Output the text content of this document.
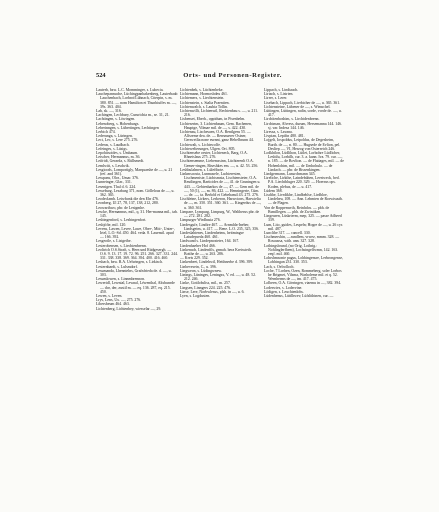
524	Orts- und Personen-Register.

Lauterb, bzw. L.C. Momminger, s. Lubecia.

Lauchepannuche, Lüchingpanbakenberg, Lauterbaab Lauchenbach, Lorbrot/Lühnach, Citerpin, s. m. 380. 851. — nom Hamilton et Thunbiuffes m. —, 39s. 363. 404.

Lab, sk. —, 316.

Lachingen, Lechbury, Cururichia m., se. 31, 21.

Lachtingen, s. Löwingen.

Lebenoberg, s. Hohenburgs.

Leberinngen, s. Lübertingen, Lechtingen

Lerbich 474.

Lederunga, s. Lüringen.

Lect, Lec, s. Lere 275. 276.

Lederas, s. Laudbach.

Lefeinges, s. Lüsigs.

Lepohitsoides, s. Umbaum.

Leischer, Hermannus, m. 36.

Leifridt, Gerarda, s. Rüllsmedt.

Lemlwitt, s. Lesdwik.

Lesgioods, Lomportigly, Marquarshe de —, u. 21 (ref. and 361).

Lesspans, Olor., Umar. 376.

Lunneinger, Glar., 331.

Lesenigen. Thal d. 6. 224.

Lesseburg, Lesaburg 371, nom. Göllelous de —, u. 362. 365.

Leodeclamb. Leiwbonk die den Ehr 476.

Leonberg, Ul 27, 78, 137, 138, 212, 280.

Leowarthwo, pbr. de Lesigmhe.

Lescke, Hermannus, mil., q. 31. Her-manna mil., tab. 145.

Lesbingenford, s. Lesbingenfort.

Lesbjöfte, mil. 120.

Levens, Lawen, Levee, Lawe, Ober-, Mitt-, Unter-, Irtel, L.O.-Sd. 450. 464. veda. 8. Lauenstl. apud — 166. 392.

Lesgeotle, s. Listgeibe.

Lesterobensen, s. Liechtenbrenn.

Leoltrich O.S.Straft, s. Hern und Rüdgesergh. — O.S. 9. 13. 17. 19. 72. 96. 251. 266. 327. 331. 244. 331. 338. 338. 369. 364. 394. 400. 416. 460.

Lesbach, bzw. B.A. Uelsringen, s. Lirkisch.

Lesternbardt, s. Lulsmdorf.

Lesumanda, Lhenntelns, Grafnfrieda de. d. —, u. 303.

Lesumlowen, s. Linnmbrennon.

Leweridl, Lewnial, Lewnal, Léwenthal, Altsbunrde — dor, der, zustil m. — eq. 136. 287, eq. 215. 450.

Lewen, s. Leven.

Lrys, Lens, Ux. —, 275. 276.

Libersbeum 464. 463.

Lichtenberg, Lichtenbey, wiesselar —, 29.

Lichtenbek, s. Lüchtenbeke.

Lichtemann, Hormosbdeu 461.

Lichtemers, s. Liechtenstein.

Lichtenstein, s. Stalia Praentien.

Lichtenwalch, s. Laubia Tollin.

Lichtenwillt, Lichtenwil, Rechtenbau s. —, u. 211. 216.

Lisbenset, Eberh., oppidum, in Pisenbelm.

Lichteserim, 3. Lichtenbaum, Gem. Rachenen, Hauptge, Vilmae mil. de —, s. 422. 430.

Lichtenau, Lischesaen, O.A. Rentlgens 55. — Alfsreme dea. de. — Rensnuerer Osiner, Gerrweilia none eurnnt, ganz Hebelbrunn 44.

Lichtewalt, s. Lichtrwolfe.

Lichtewelterunges, Ulgen. Ort. 805.

Lischtensebe oester, Lichteneck, Barg, O.A. Rhneislaus 275. 276.

Lischtensemme, Liebemssinn, Lüchterenlt O.A. Gemer-ringen, Biseshkes em. —, u. 42. 53. 256.

Leshbulalmen, s. Lüleftbote.

Linkmsoosta, Lunmasele, Lachteresten, Lischmeniste, Lüchtsmsta, Lischtensteter, O.A. Reutlingen, Barticides de —, 41. de Gruningen u. 443. — Gebtenbarkos de —, 47. — Gem mil. de —, 50 (1), —, m. 86, 422. — Henningerie, Cüm. — de. —, ta. Berlold et Gebeham4 43. 275. 276.

Lischleine, Lirkers, Lerkeron, Harwcions, Harwielia de —, m. 350. 351. 360. 361. — Kingerdus de —, u. 360. 361.

Limpare, Lympurg, Limpurg, W., Waltherus pbr. de — 272. 281. 282.

Limpurger Wirdhasia 276.

Lindesgufe, Lindire 467. — Arnmlda-Ineber, Lindsgeins, u. 417. — Bene. L.O. 235, 325, 356.

Lindeslahtenes, Lindenheims, heitmingse Laiudepseda 460. 461.

Lindwand s. Lindepnosteter, 164. 167.

Lindenhaeber Hof 466.

Linkenach, Lindenfils, grmah. bera Kreissteth. Botthe de —, u. 263. 286.

— Kreis 229. 352.

Linkenbeet, Lindehwil, Heithnerhe d. 396. 399.

Linbevesein, C., u. 396.

Lingweon, s. Lüdingwnew.

Linings, Lüninges, Leningsx, V. ed. —, u. 48. 52. 212. 246.

Linke, Gottlobsliss, mil., m. 257.

Lingsen, Linngers 224. 225. 476.

Linse, Lere, Norbwlesus, plsh. in —, u. 6.

Lyen, s. Logdusten.

Lippach, s. Lindtaach.

Lirtach, s. Listrten.

Lirrer, s. Lerer.

Lisebach, Lippach, Livrbtcher de —, u. 365. 361.

Lichtensteine, Lübener de —, s. Wimschel.

Lüttingen, Lüttingen, radin, sorde, vorde de. —, u. 417.

Lirchitenboshim, s. Lirchtdenbrenn.

Lirchtman, Alvress, durum, Hersemanna 144. 146. sj. var. Indesa 144. 146.

Liressa, s. Lavana.

Livpian, Lepifin 480. 481.

Lojgelt, Iospoldus, Leipoldus, de Degesheim, Burth. de —, n. 80. — Hugsede de Evlion, pel. Desliep —, VI, Herzog von Osterreich 246.

Lodkhilon, Lüdlihon, Lütlet, Lorbohre Lüdlicher, Lesbilu, Lorbilh, cur. 3. a. kann. Iva. 79. cur. —, n. 185. — de Bovlion. — de Flaitages, mil. — de Hohenlohim, mil. — de Umbohulo. — de Lindach. — pbr. de Bissenkingen.

Lindgermann, Lusurchmann 345.

Lireliche, Lirkthe, Laindebühen, Leertweck, bed. P.A. Liechtbluger 220. 329. — Hoerrus ops. Koden, plebus, de — u. 417.

Lüdem 368.

Lisdthe, Livrdikhe, Lindbehlse, Lirdbloe, Lindeheu, 108. — Ann. Lehmten de Rorwisustb. — de Plagen.

Von de Roppenwrth, Reinhdos. — pbh. de Bsmillegen. — pbh. de Zwiniiken.

Lingeuren, Lüskrterm, mep, 325. — passe Adheed 339.

Lum, Lito, guides, Lespeln; Hogre de —, u. 26 cyr. mil. 487.

Lunclthe 317. — cancell. 330.

Lischmershin, —rundlem, vrwez, mmm. 328. — Rosaussa, wtth. ann. 327. 328.

Lothingsbrund, (no Orig. Lothrig.: Nohlinglerfhem), Lochsingelfwmn, 142. 163. zeqf. mil. 460.

Lohrshmsonie pagus, Lohbingensre, Lerbrongense, Lobhingan 231. 330. 353.

Lach, s. Oelrolloch.

Loche, 7 Lorhen, Ozen, Rommeberg, soler Lorbos he Brigmet, Vilsma, Warholeme mil. et q. 52. Wernherms de —, tm. 417. 475.

Lolbeen, O.A. Görringen, viaemu in —, 382. 394.

Loderwies, s. Lodervine.

Lödigen, s. Leuchtenlohs.

Lüdenhenus, Lüttlhwev, Lüfsltthtnen, cur. —
